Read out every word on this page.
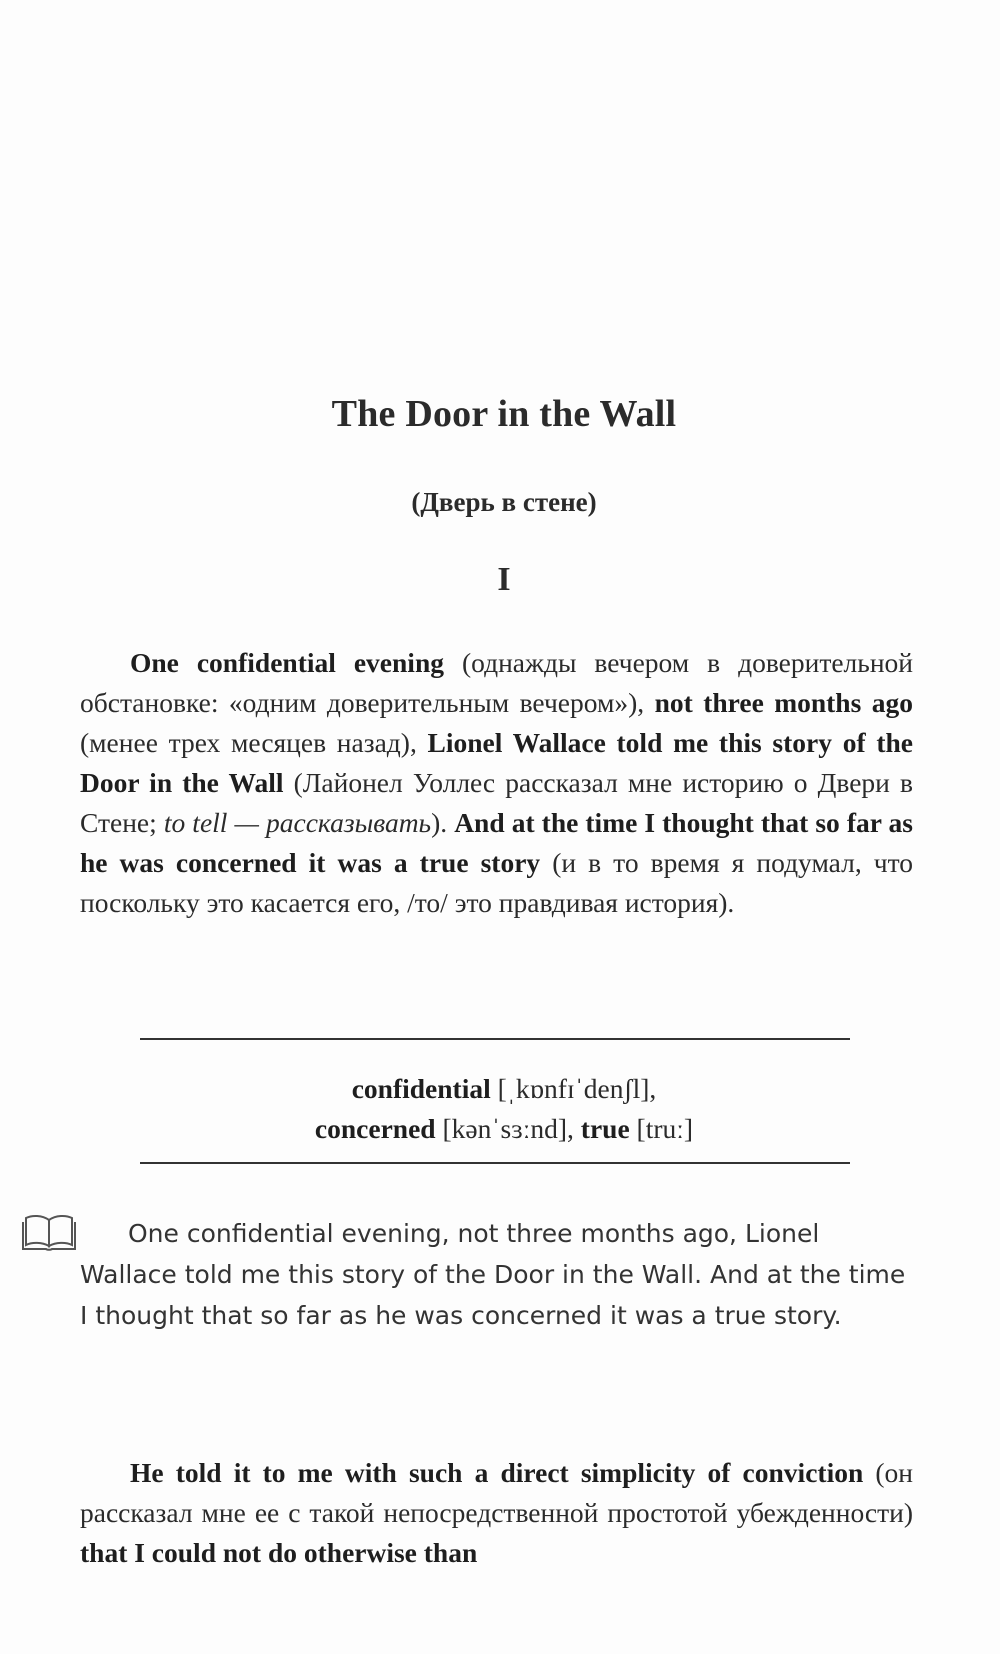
The Door in the Wall
(Дверь в стене)
I

One confidential evening (однажды вечером в доверительной обстановке: «одним доверительным вечером»), not three months ago (менее трех месяцев назад), Lionel Wallace told me this story of the Door in the Wall (Лайонел Уоллес рассказал мне историю о Двери в Стене; to tell — рассказывать). And at the time I thought that so far as he was concerned it was a true story (и в то время я подумал, что поскольку это касается его, /то/ это правдивая история).

confidential [ˌkɒnfɪˈdenʃl],
concerned [kənˈsɜːnd], true [truː]

One confidential evening, not three months ago, Lionel Wallace told me this story of the Door in the Wall. And at the time I thought that so far as he was concerned it was a true story.

He told it to me with such a direct simplicity of conviction (он рассказал мне ее с такой непосредственной простотой убежденности) that I could not do otherwise than
